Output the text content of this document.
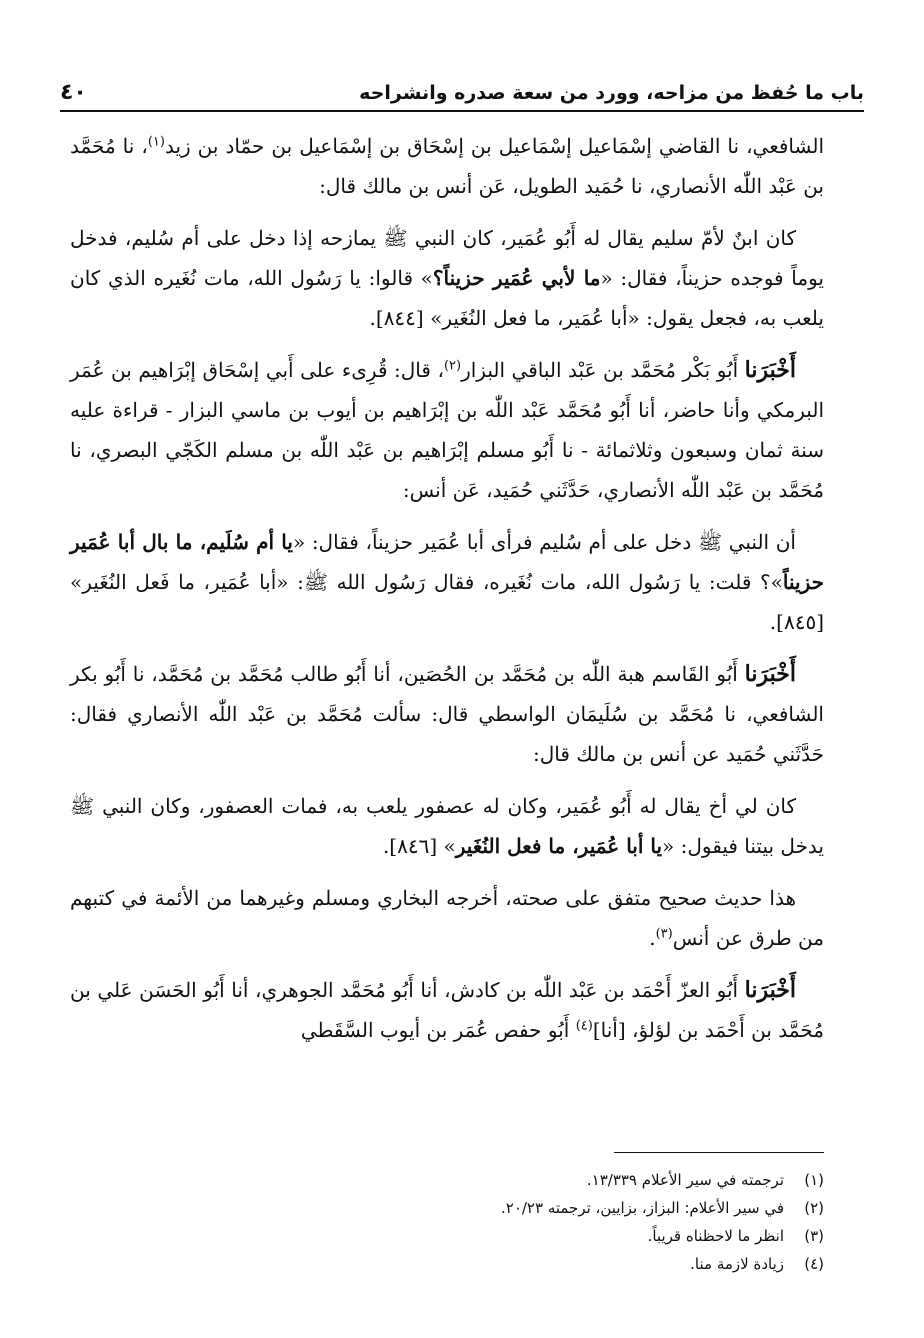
باب ما حُفظ من مزاحه، وورد من سعة صدره وانشراحه
٤٠

الشافعي، نا القاضي إسْمَاعيل إسْمَاعيل بن إسْحَاق بن إسْمَاعيل بن حمّاد بن زيد$^{(١)}$، نا مُحَمَّد بن عَبْد اللّٰه الأنصاري، نا حُمَيد الطويل، عَن أنس بن مالك قال:

كان ابنٌ لأمّ سليم يقال له أَبُو عُمَير، كان النبي ﷺ يمازحه إذا دخل على أم سُليم، فدخل يوماً فوجده حزيناً، فقال: «ما لأبي عُمَير حزيناً؟» قالوا: يا رَسُول الله، مات نُغَيره الذي كان يلعب به، فجعل يقول: «أبا عُمَير، ما فعل النُغَير» [٨٤٤].

أَخْبَرَنا أَبُو بَكْر مُحَمَّد بن عَبْد الباقي البزار$^{(٢)}$، قال: قُرِىء على أَبي إسْحَاق إبْرَاهيم بن عُمَر البرمكي وأنا حاضر، أنا أَبُو مُحَمَّد عَبْد اللّٰه بن إبْرَاهيم بن أيوب بن ماسي البزار - قراءة عليه سنة ثمان وسبعون وثلاثمائة - نا أَبُو مسلم إبْرَاهيم بن عَبْد اللّٰه بن مسلم الكَجّي البصري، نا مُحَمَّد بن عَبْد اللّٰه الأنصاري، حَدَّثَني حُمَيد، عَن أنس:

أن النبي ﷺ دخل على أم سُليم فرأى أبا عُمَير حزيناً، فقال: «يا أم سُلَيم، ما بال أبا عُمَير حزيناً»؟ قلت: يا رَسُول الله، مات نُغَيره، فقال رَسُول الله ﷺ: «أبا عُمَير، ما فَعل النُغَير» [٨٤٥].

أَخْبَرَنا أَبُو القَاسم هبة اللّٰه بن مُحَمَّد بن الحُصَين، أنا أَبُو طالب مُحَمَّد بن مُحَمَّد، نا أَبُو بكر الشافعي، نا مُحَمَّد بن سُلَيمَان الواسطي قال: سألت مُحَمَّد بن عَبْد اللّٰه الأنصاري فقال: حَدَّثَني حُمَيد عن أنس بن مالك قال:

كان لي أخ يقال له أَبُو عُمَير، وكان له عصفور يلعب به، فمات العصفور، وكان النبي ﷺ يدخل بيتنا فيقول: «يا أبا عُمَير، ما فعل النُغَير» [٨٤٦].

هذا حديث صحيح متفق على صحته، أخرجه البخاري ومسلم وغيرهما من الأئمة في كتبهم من طرق عن أنس$^{(٣)}$.

أَخْبَرَنا أَبُو العزّ أَحْمَد بن عَبْد اللّٰه بن كادش، أنا أَبُو مُحَمَّد الجوهري، أنا أَبُو الحَسَن عَلي بن مُحَمَّد بن أَحْمَد بن لؤلؤ، [أنا]$^{(٤)}$ أَبُو حفص عُمَر بن أيوب السَّقَطي

(١)
ترجمته في سير الأعلام ١٣/٣٣٩.
(٢)
في سير الأعلام: البزاز، بزايين، ترجمته ٢٠/٢٣.
(٣)
انظر ما لاحظناه قريباً.
(٤)
زيادة لازمة منا.
